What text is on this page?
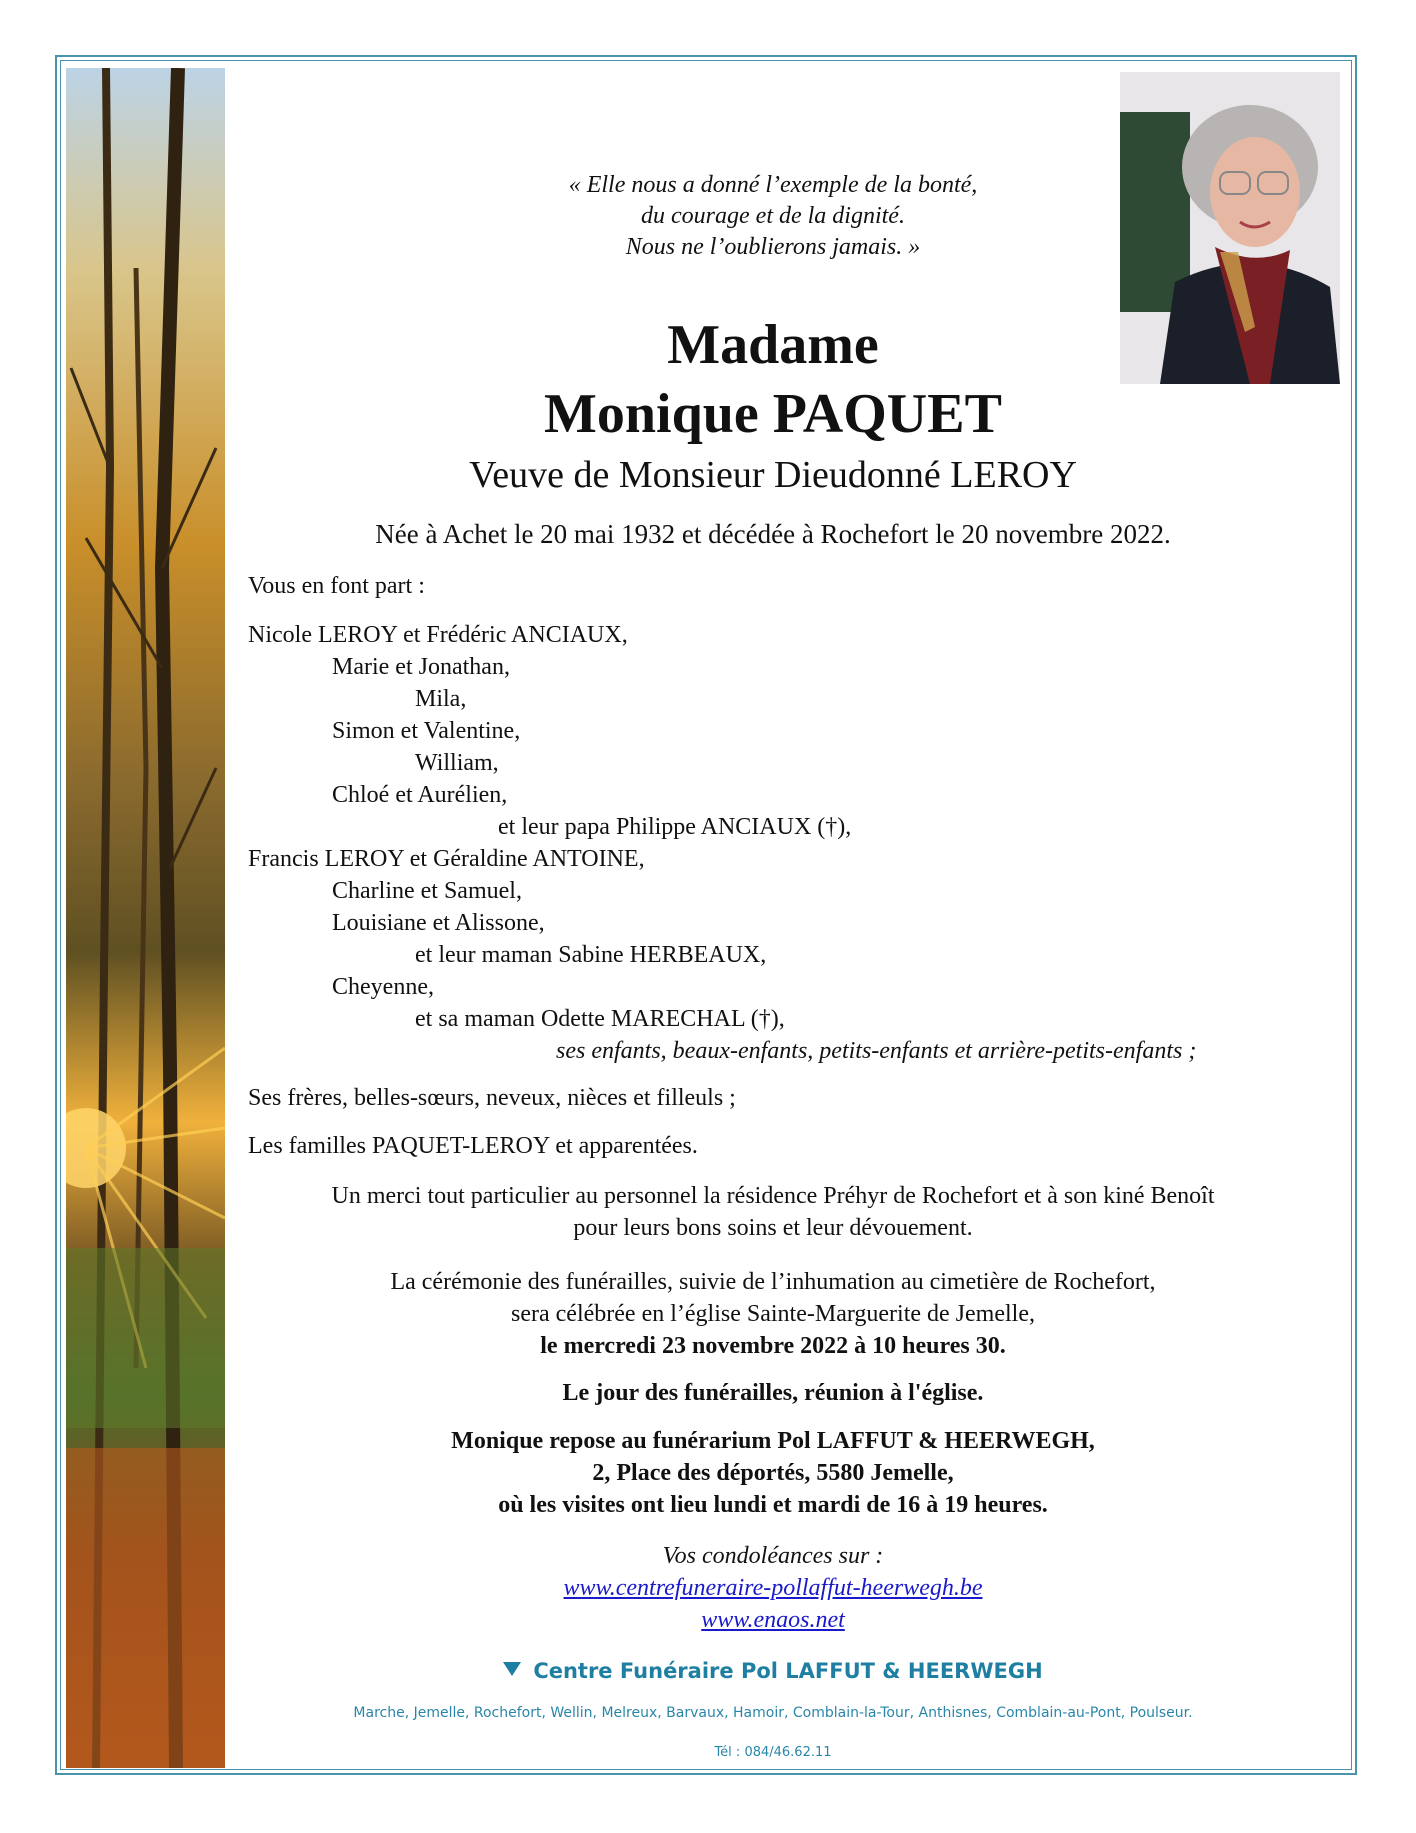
« Elle nous a donné l’exemple de la bonté,
du courage et de la dignité.
Nous ne l’oublierons jamais. »
Madame
Monique PAQUET
Veuve de Monsieur Dieudonné LEROY
Née à Achet le 20 mai 1932 et décédée à Rochefort le 20 novembre 2022.
Vous en font part :
Nicole LEROY et Frédéric ANCIAUX,
Marie et Jonathan,
Mila,
Simon et Valentine,
William,
Chloé et Aurélien,
et leur papa Philippe ANCIAUX (†),
Francis LEROY et Géraldine ANTOINE,
Charline et Samuel,
Louisiane et Alissone,
et leur maman Sabine HERBEAUX,
Cheyenne,
et sa maman Odette MARECHAL (†),
ses enfants, beaux-enfants, petits-enfants et arrière-petits-enfants ;
Ses frères, belles-sœurs, neveux, nièces et filleuls ;
Les familles PAQUET-LEROY et apparentées.
Un merci tout particulier au personnel la résidence Préhyr de Rochefort et à son kiné Benoît
pour leurs bons soins et leur dévouement.
La cérémonie des funérailles, suivie de l’inhumation au cimetière de Rochefort,
sera célébrée en l’église Sainte-Marguerite de Jemelle,
le mercredi 23 novembre 2022 à 10 heures 30.
Le jour des funérailles, réunion à l'église.
Monique repose au funérarium Pol LAFFUT & HEERWEGH,
2, Place des déportés, 5580 Jemelle,
où les visites ont lieu lundi et mardi de 16 à 19 heures.
Vos condoléances sur :
www.centrefuneraire-pollaffut-heerwegh.be
www.enaos.net
Centre Funéraire Pol LAFFUT & HEERWEGH
Marche, Jemelle, Rochefort, Wellin, Melreux, Barvaux, Hamoir, Comblain-la-Tour, Anthisnes, Comblain-au-Pont, Poulseur.
Tél : 084/46.62.11
